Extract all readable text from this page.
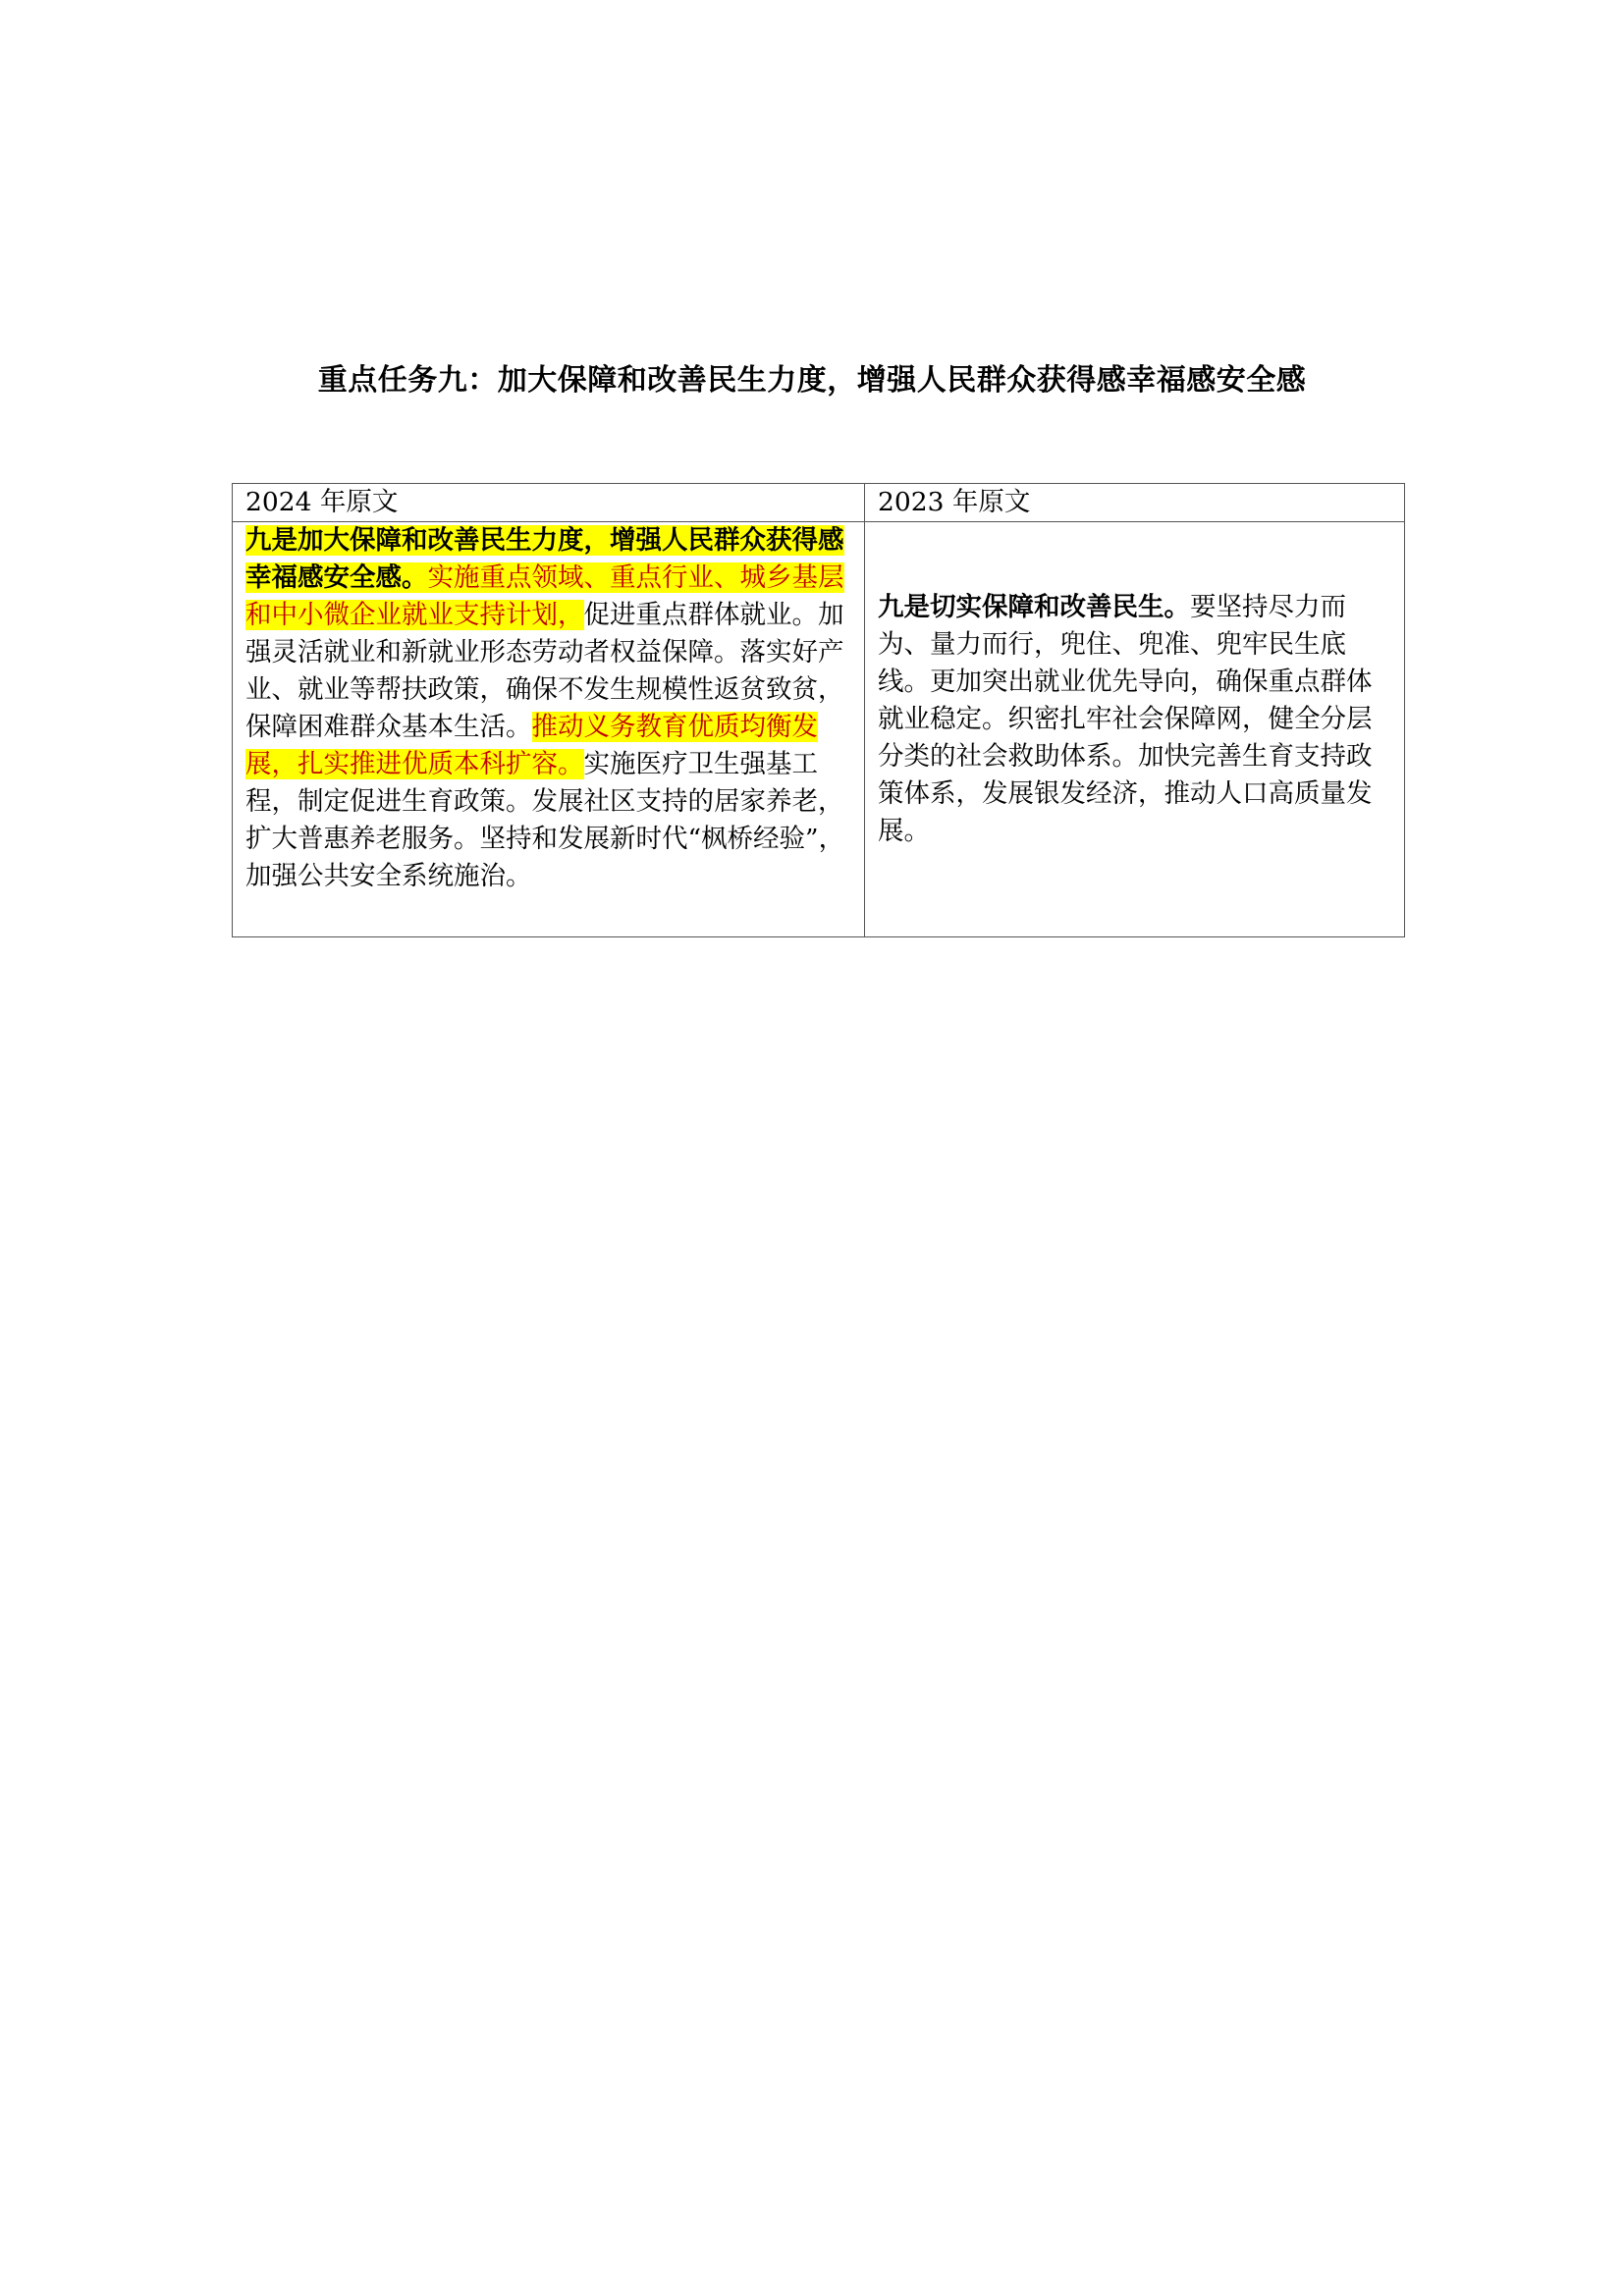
重点任务九：加大保障和改善民生力度，增强人民群众获得感幸福感安全感
2024 年原文	2023 年原文
九是加大保障和改善民生力度，增强人民群众获得感幸福感安全感。实施重点领域、重点行业、城乡基层和中小微企业就业支持计划，促进重点群体就业。加强灵活就业和新就业形态劳动者权益保障。落实好产业、就业等帮扶政策，确保不发生规模性返贫致贫，保障困难群众基本生活。推动义务教育优质均衡发展，扎实推进优质本科扩容。实施医疗卫生强基工程，制定促进生育政策。发展社区支持的居家养老，扩大普惠养老服务。坚持和发展新时代“枫桥经验”，加强公共安全系统施治。	九是切实保障和改善民生。要坚持尽力而为、量力而行，兜住、兜准、兜牢民生底线。更加突出就业优先导向，确保重点群体就业稳定。织密扎牢社会保障网，健全分层分类的社会救助体系。加快完善生育支持政策体系，发展银发经济，推动人口高质量发展。
